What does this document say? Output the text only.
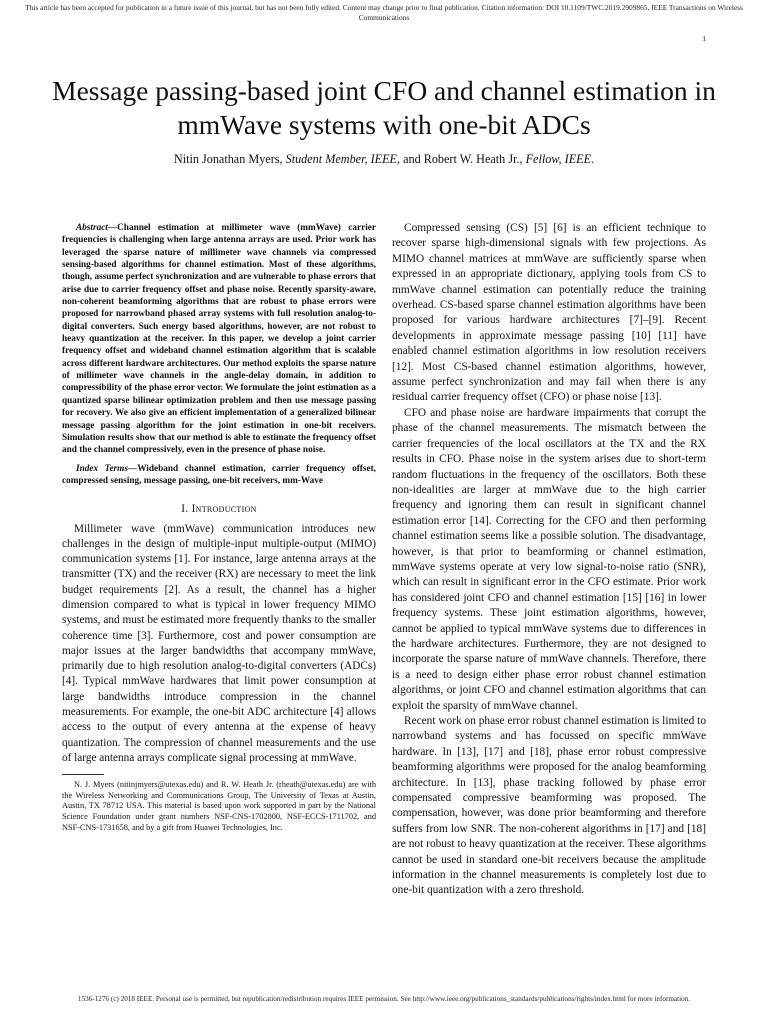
This article has been accepted for publication in a future issue of this journal, but has not been fully edited. Content may change prior to final publication. Citation information: DOI 10.1109/TWC.2019.2909865, IEEE Transactions on Wireless Communications
1
Message passing-based joint CFO and channel estimation in mmWave systems with one-bit ADCs
Nitin Jonathan Myers, Student Member, IEEE, and Robert W. Heath Jr., Fellow, IEEE.

Abstract—Channel estimation at millimeter wave (mmWave) carrier frequencies is challenging when large antenna arrays are used. Prior work has leveraged the sparse nature of millimeter wave channels via compressed sensing-based algorithms for channel estimation. Most of these algorithms, though, assume perfect synchronization and are vulnerable to phase errors that arise due to carrier frequency offset and phase noise. Recently sparsity-aware, non-coherent beamforming algorithms that are robust to phase errors were proposed for narrowband phased array systems with full resolution analog-to-digital converters. Such energy based algorithms, however, are not robust to heavy quantization at the receiver. In this paper, we develop a joint carrier frequency offset and wideband channel estimation algorithm that is scalable across different hardware architectures. Our method exploits the sparse nature of millimeter wave channels in the angle-delay domain, in addition to compressibility of the phase error vector. We formulate the joint estimation as a quantized sparse bilinear optimization problem and then use message passing for recovery. We also give an efficient implementation of a generalized bilinear message passing algorithm for the joint estimation in one-bit receivers. Simulation results show that our method is able to estimate the frequency offset and the channel compressively, even in the presence of phase noise.

Index Terms—Wideband channel estimation, carrier frequency offset, compressed sensing, message passing, one-bit receivers, mm-Wave

I. Introduction

Millimeter wave (mmWave) communication introduces new challenges in the design of multiple-input multiple-output (MIMO) communication systems [1]. For instance, large antenna arrays at the transmitter (TX) and the receiver (RX) are necessary to meet the link budget requirements [2]. As a result, the channel has a higher dimension compared to what is typical in lower frequency MIMO systems, and must be estimated more frequently thanks to the smaller coherence time [3]. Furthermore, cost and power consumption are major issues at the larger bandwidths that accompany mmWave, primarily due to high resolution analog-to-digital converters (ADCs) [4]. Typical mmWave hardwares that limit power consumption at large bandwidths introduce compression in the channel measurements. For example, the one-bit ADC architecture [4] allows access to the output of every antenna at the expense of heavy quantization. The compression of channel measurements and the use of large antenna arrays complicate signal processing at mmWave.

N. J. Myers (nitinjmyers@utexas.edu) and R. W. Heath Jr. (rheath@utexas.edu) are with the Wireless Networking and Communications Group, The University of Texas at Austin, Austin, TX 78712 USA. This material is based upon work supported in part by the National Science Foundation under grant numbers NSF-CNS-1702800, NSF-ECCS-1711702, and NSF-CNS-1731658, and by a gift from Huawei Technologies, Inc.

Compressed sensing (CS) [5] [6] is an efficient technique to recover sparse high-dimensional signals with few projections. As MIMO channel matrices at mmWave are sufficiently sparse when expressed in an appropriate dictionary, applying tools from CS to mmWave channel estimation can potentially reduce the training overhead. CS-based sparse channel estimation algorithms have been proposed for various hardware architectures [7]–[9]. Recent developments in approximate message passing [10] [11] have enabled channel estimation algorithms in low resolution receivers [12]. Most CS-based channel estimation algorithms, however, assume perfect synchronization and may fail when there is any residual carrier frequency offset (CFO) or phase noise [13].

CFO and phase noise are hardware impairments that corrupt the phase of the channel measurements. The mismatch between the carrier frequencies of the local oscillators at the TX and the RX results in CFO. Phase noise in the system arises due to short-term random fluctuations in the frequency of the oscillators. Both these non-idealities are larger at mmWave due to the high carrier frequency and ignoring them can result in significant channel estimation error [14]. Correcting for the CFO and then performing channel estimation seems like a possible solution. The disadvantage, however, is that prior to beamforming or channel estimation, mmWave systems operate at very low signal-to-noise ratio (SNR), which can result in significant error in the CFO estimate. Prior work has considered joint CFO and channel estimation [15] [16] in lower frequency systems. These joint estimation algorithms, however, cannot be applied to typical mmWave systems due to differences in the hardware architectures. Furthermore, they are not designed to incorporate the sparse nature of mmWave channels. Therefore, there is a need to design either phase error robust channel estimation algorithms, or joint CFO and channel estimation algorithms that can exploit the sparsity of mmWave channel.

Recent work on phase error robust channel estimation is limited to narrowband systems and has focussed on specific mmWave hardware. In [13], [17] and [18], phase error robust compressive beamforming algorithms were proposed for the analog beamforming architecture. In [13], phase tracking followed by phase error compensated compressive beamforming was proposed. The compensation, however, was done prior beamforming and therefore suffers from low SNR. The non-coherent algorithms in [17] and [18] are not robust to heavy quantization at the receiver. These algorithms cannot be used in standard one-bit receivers because the amplitude information in the channel measurements is completely lost due to one-bit quantization with a zero threshold.

1536-1276 (c) 2018 IEEE. Personal use is permitted, but republication/redistribution requires IEEE permission. See http://www.ieee.org/publications_standards/publications/rights/index.html for more information.
